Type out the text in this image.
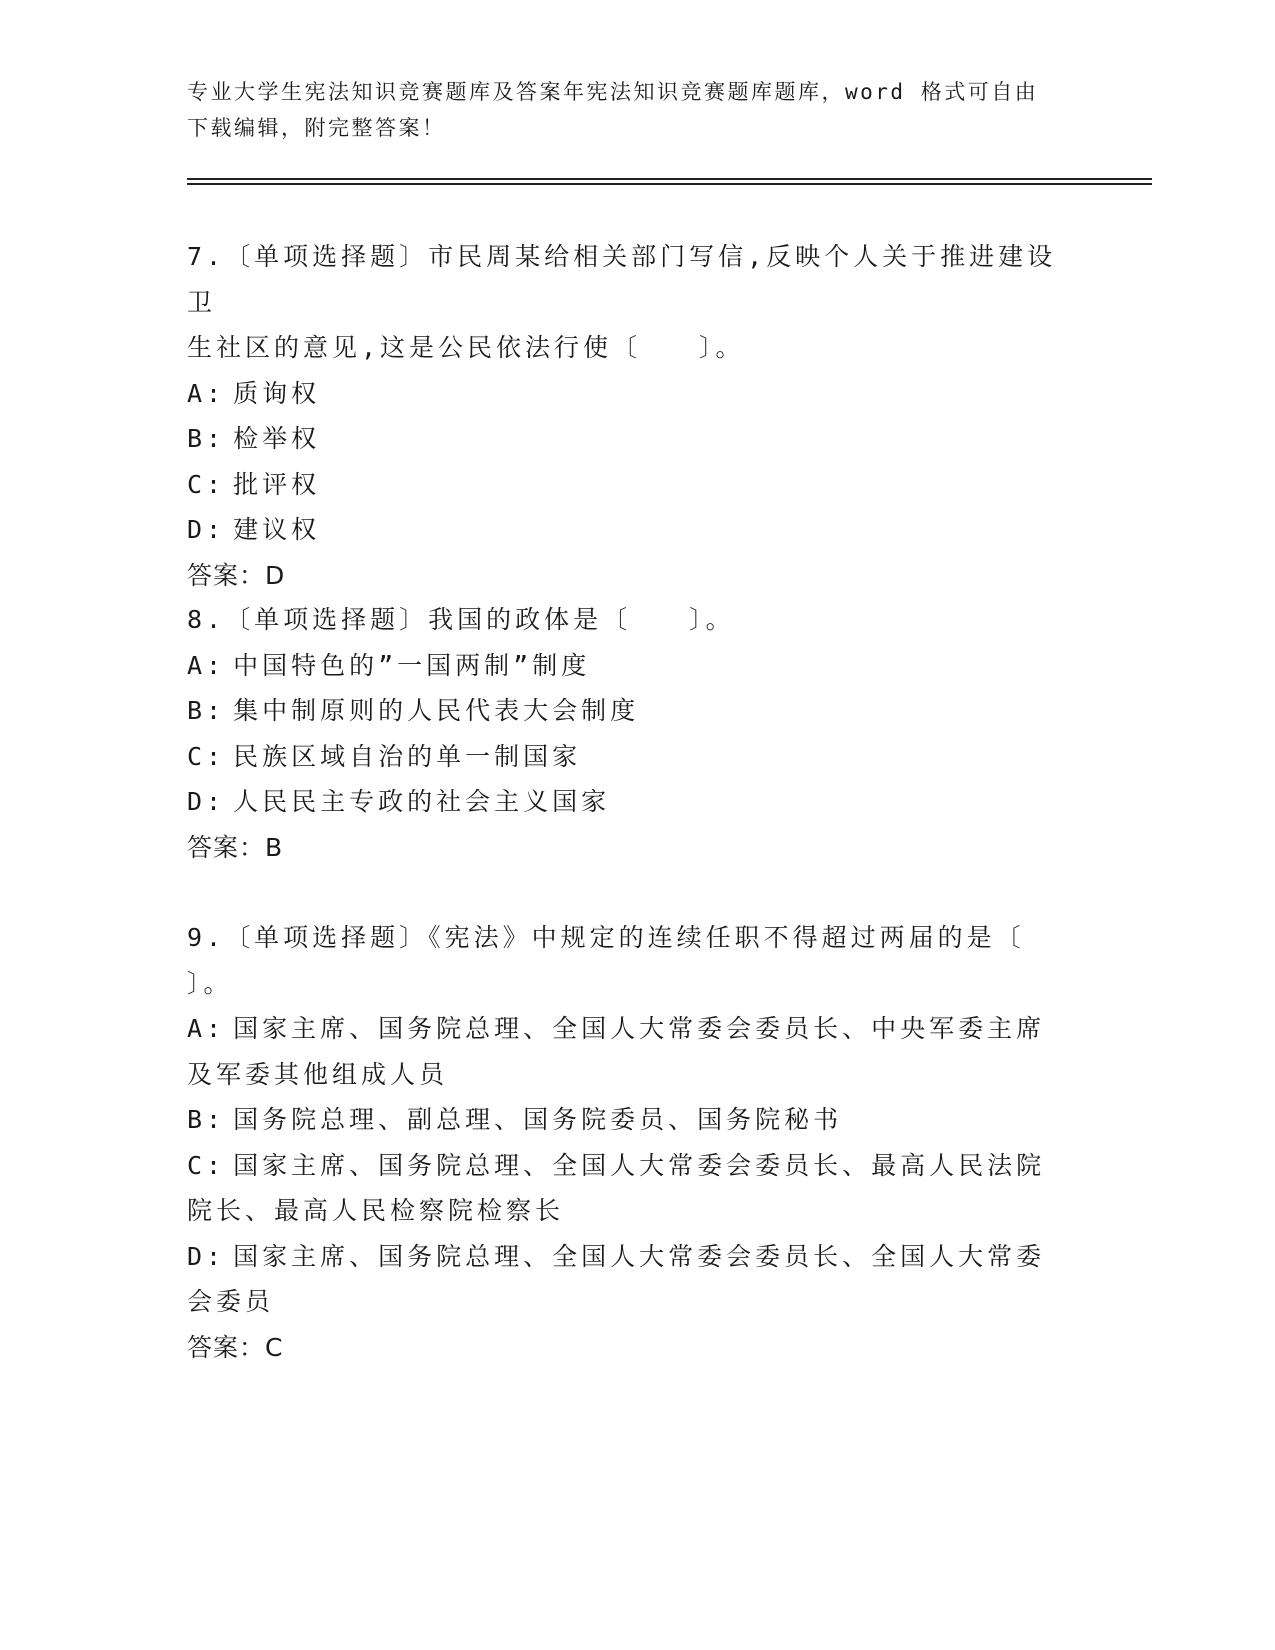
专业大学生宪法知识竞赛题库及答案年宪法知识竞赛题库题库，word 格式可自由
下载编辑，附完整答案！
7.〔单项选择题〕市民周某给相关部门写信,反映个人关于推进建设卫
生社区的意见,这是公民依法行使〔　　〕。
A: 质询权
B: 检举权
C: 批评权
D: 建议权
答案：D
8.〔单项选择题〕我国的政体是〔　　〕。
A: 中国特色的”一国两制”制度
B: 集中制原则的人民代表大会制度
C: 民族区域自治的单一制国家
D: 人民民主专政的社会主义国家
答案：B
9.〔单项选择题〕《宪法》中规定的连续任职不得超过两届的是〔
〕。
A: 国家主席、国务院总理、全国人大常委会委员长、中央军委主席及军委其他组成人员
B: 国务院总理、副总理、国务院委员、国务院秘书
C: 国家主席、国务院总理、全国人大常委会委员长、最高人民法院院长、最高人民检察院检察长
D: 国家主席、国务院总理、全国人大常委会委员长、全国人大常委会委员
答案：C
